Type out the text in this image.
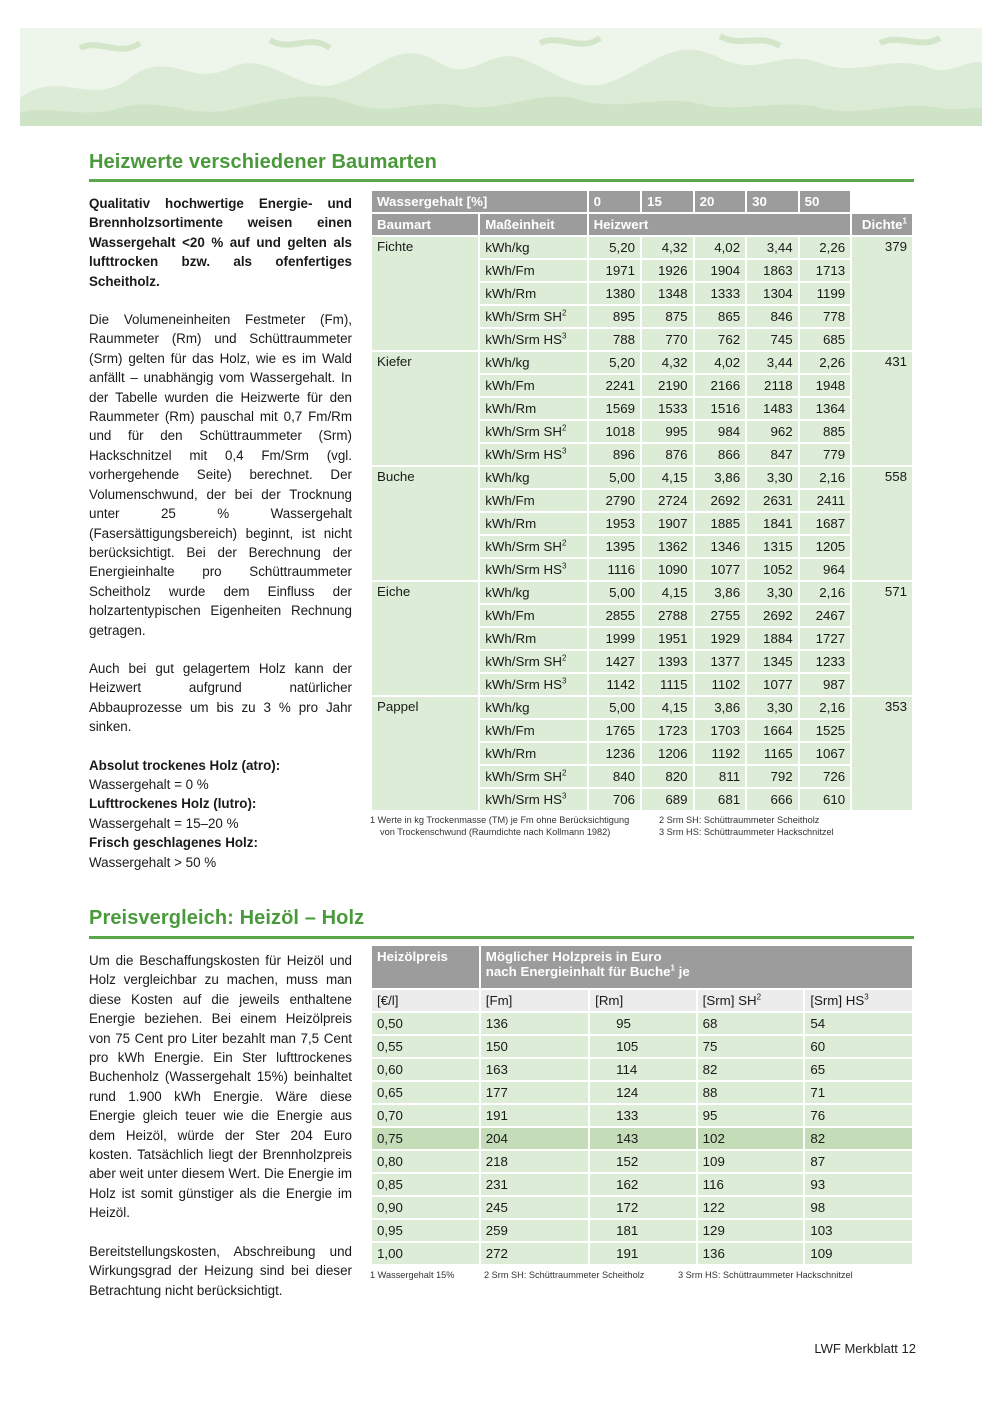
Heizwerte verschiedener Baumarten

Qualitativ hochwertige Energie- und Brennholzsortimente weisen einen Wassergehalt <20 % auf und gelten als lufttrocken bzw. als ofenfertiges Scheitholz.

Die Volumeneinheiten Festmeter (Fm), Raummeter (Rm) und Schüttraummeter (Srm) gelten für das Holz, wie es im Wald anfällt – unabhängig vom Wassergehalt. In der Tabelle wurden die Heizwerte für den Raummeter (Rm) pauschal mit 0,7 Fm/Rm und für den Schüttraummeter (Srm) Hackschnitzel mit 0,4 Fm/Srm (vgl. vorhergehende Seite) berechnet. Der Volumenschwund, der bei der Trocknung unter 25 % Wassergehalt (Fasersättigungsbereich) beginnt, ist nicht berücksichtigt. Bei der Berechnung der Energieinhalte pro Schüttraummeter Scheitholz wurde dem Einfluss der holzartentypischen Eigenheiten Rechnung getragen.

Auch bei gut gelagertem Holz kann der Heizwert aufgrund natürlicher Abbauprozesse um bis zu 3 % pro Jahr sinken.

Absolut trockenes Holz (atro):
Wassergehalt = 0 %
Lufttrockenes Holz (lutro):
Wassergehalt = 15–20 %
Frisch geschlagenes Holz:
Wassergehalt > 50 %
Wassergehalt [%]		0	15	20	30	50	
Baumart	Maßeinheit	Heizwert					Dichte$^1$
Fichte	kWh/kg	5,20	4,32	4,02	3,44	2,26	379
	kWh/Fm	1971	1926	1904	1863	1713	
	kWh/Rm	1380	1348	1333	1304	1199	
	kWh/Srm $SH^2$	895	875	865	846	778	
	kWh/Srm $HS^3$	788	770	762	745	685	
Kiefer	kWh/kg	5,20	4,32	4,02	3,44	2,26	431
	kWh/Fm	2241	2190	2166	2118	1948	
	kWh/Rm	1569	1533	1516	1483	1364	
	kWh/Srm $SH^2$	1018	995	984	962	885	
	kWh/Srm $HS^3$	896	876	866	847	779	
Buche	kWh/kg	5,00	4,15	3,86	3,30	2,16	558
	kWh/Fm	2790	2724	2692	2631	2411	
	kWh/Rm	1953	1907	1885	1841	1687	
	kWh/Srm $SH^2$	1395	1362	1346	1315	1205	
	kWh/Srm $HS^3$	1116	1090	1077	1052	964	
Eiche	kWh/kg	5,00	4,15	3,86	3,30	2,16	571
	kWh/Fm	2855	2788	2755	2692	2467	
	kWh/Rm	1999	1951	1929	1884	1727	
	kWh/Srm $SH^2$	1427	1393	1377	1345	1233	
	kWh/Srm $HS^3$	1142	1115	1102	1077	987	
Pappel	kWh/kg	5,00	4,15	3,86	3,30	2,16	353
	kWh/Fm	1765	1723	1703	1664	1525	
	kWh/Rm	1236	1206	1192	1165	1067	
	kWh/Srm $SH^2$	840	820	811	792	726	
	kWh/Srm $HS^3$	706	689	681	666	610	
1 Werte in kg Trockenmasse (TM) je Fm ohne Berücksichtigung
von Trockenschwund (Raumdichte nach Kollmann 1982)
2 Srm SH: Schüttraummeter Scheitholz
3 Srm HS: Schüttraummeter Hackschnitzel
Preisvergleich: Heizöl – Holz

Um die Beschaffungskosten für Heizöl und Holz vergleichbar zu machen, muss man diese Kosten auf die jeweils enthaltene Energie beziehen. Bei einem Heizölpreis von 75 Cent pro Liter bezahlt man 7,5 Cent pro kWh Energie. Ein Ster lufttrockenes Buchenholz (Wassergehalt 15%) beinhaltet rund 1.900 kWh Energie. Wäre diese Energie gleich teuer wie die Energie aus dem Heizöl, würde der Ster 204 Euro kosten. Tatsächlich liegt der Brennholzpreis aber weit unter diesem Wert. Die Energie im Holz ist somit günstiger als die Energie im Heizöl.

Bereitstellungskosten, Abschreibung und Wirkungsgrad der Heizung sind bei dieser Betrachtung nicht berücksichtigt.

Heizölpreis	Möglicher Holzpreis in Euro
nach Energieinhalt für Buche$^1$ je			

[€/l]	[Fm]	[Rm]	[Srm] $SH^2$	[Srm] $HS^3$
0,50	136	95	68	54
0,55	150	105	75	60
0,60	163	114	82	65
0,65	177	124	88	71
0,70	191	133	95	76
0,75	204	143	102	82
0,80	218	152	109	87
0,85	231	162	116	93
0,90	245	172	122	98
0,95	259	181	129	103
1,00	272	191	136	109
1 Wassergehalt 15%	2 Srm SH: Schüttraummeter Scheitholz	3 Srm HS: Schüttraummeter Hackschnitzel
LWF Merkblatt 12
